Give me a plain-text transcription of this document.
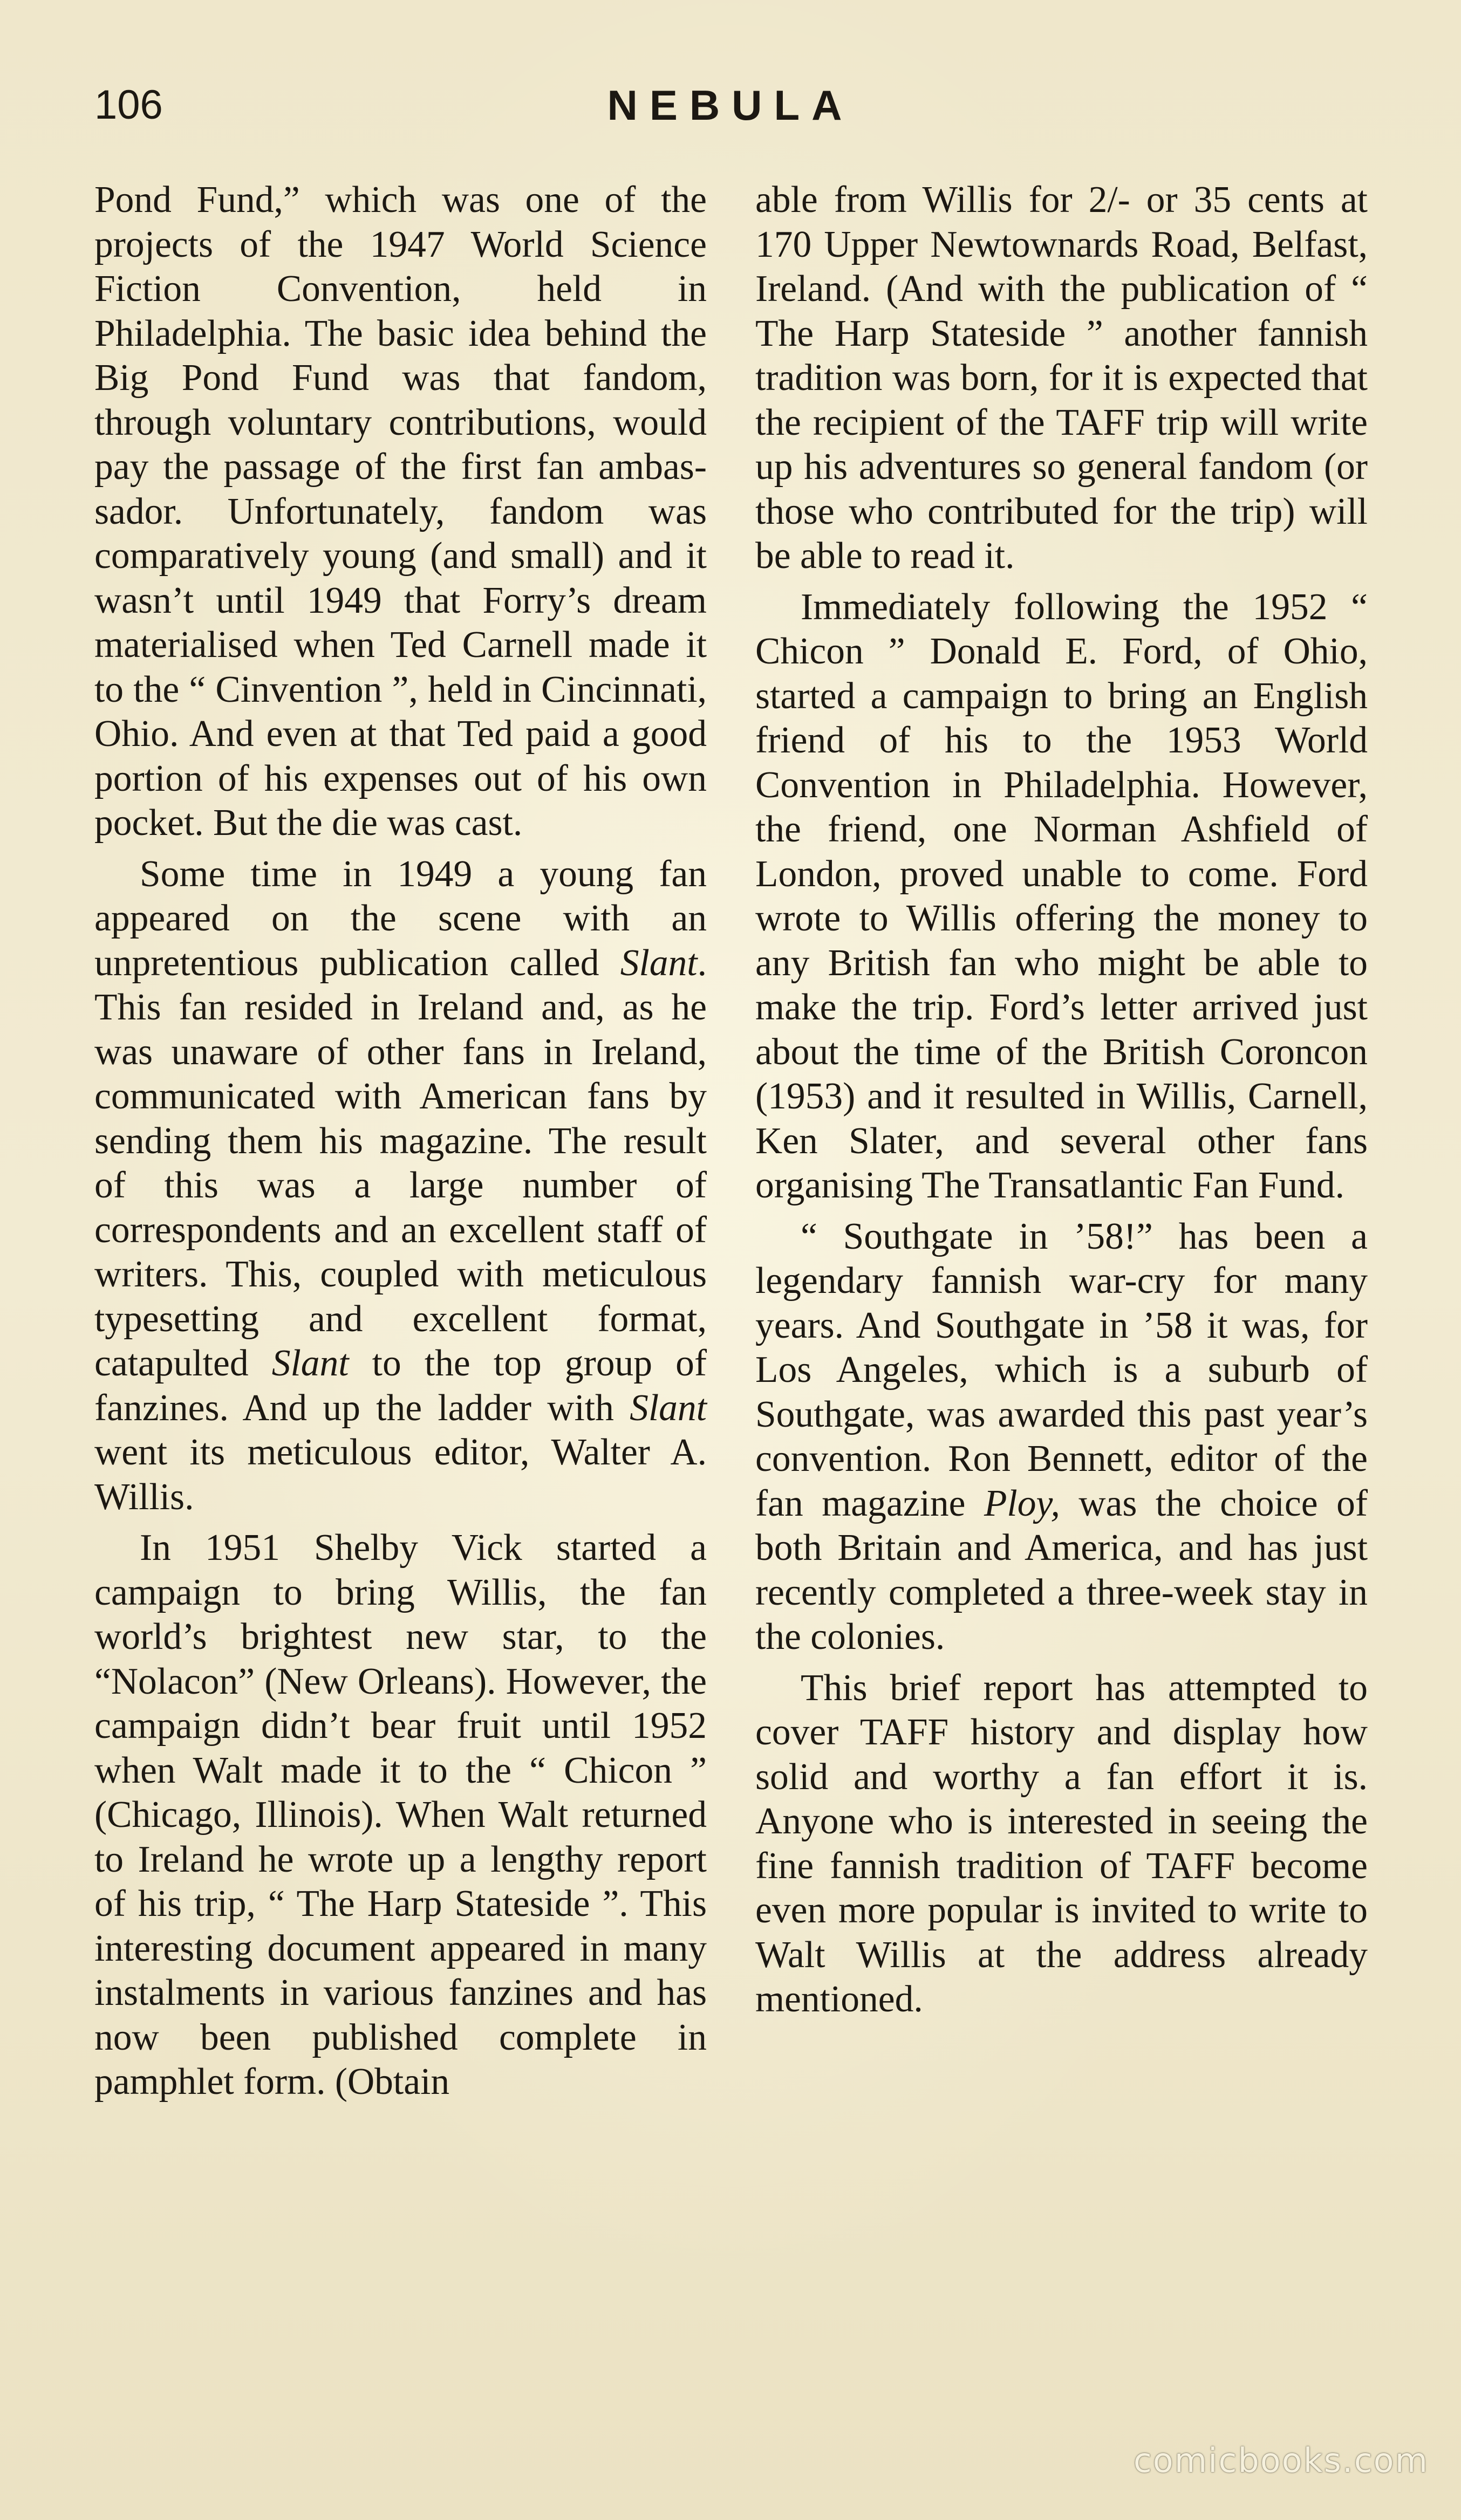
106	NEBULA

Pond Fund,” which was one of the projects of the 1947 World Science Fiction Convention, held in Philadelphia. The basic idea behind the Big Pond Fund was that fandom, through voluntary contributions, would pay the passage of the first fan ambassador. Unfortunately, fandom was comparatively young (and small) and it wasn’t until 1949 that Forry’s dream materialised when Ted Carnell made it to the “ Cinvention ”, held in Cincinnati, Ohio. And even at that Ted paid a good portion of his expenses out of his own pocket. But the die was cast.

Some time in 1949 a young fan appeared on the scene with an unpretentious publication called Slant. This fan resided in Ireland and, as he was unaware of other fans in Ireland, communicated with American fans by sending them his magazine. The result of this was a large number of correspondents and an excellent staff of writers. This, coupled with meticulous typesetting and excellent format, catapulted Slant to the top group of fanzines. And up the ladder with Slant went its meticulous editor, Walter A. Willis.

In 1951 Shelby Vick started a campaign to bring Willis, the fan world’s brightest new star, to the “Nolacon” (New Orleans). However, the campaign didn’t bear fruit until 1952 when Walt made it to the “ Chicon ” (Chicago, Illinois). When Walt returned to Ireland he wrote up a lengthy report of his trip, “ The Harp Stateside ”. This interesting document appeared in many instalments in various fanzines and has now been published complete in pamphlet form. (Obtain

able from Willis for 2/- or 35 cents at 170 Upper Newtownards Road, Belfast, Ireland. (And with the publication of “ The Harp Stateside ” another fannish tradition was born, for it is expected that the recipient of the TAFF trip will write up his adventures so general fandom (or those who contributed for the trip) will be able to read it.

Immediately following the 1952 “ Chicon ” Donald E. Ford, of Ohio, started a campaign to bring an English friend of his to the 1953 World Convention in Philadelphia. However, the friend, one Norman Ashfield of London, proved unable to come. Ford wrote to Willis offering the money to any British fan who might be able to make the trip. Ford’s letter arrived just about the time of the British Coroncon (1953) and it resulted in Willis, Carnell, Ken Slater, and several other fans organising The Transatlantic Fan Fund.

“ Southgate in ’58!” has been a legendary fannish war-cry for many years. And Southgate in ’58 it was, for Los Angeles, which is a suburb of Southgate, was awarded this past year’s convention. Ron Bennett, editor of the fan magazine Ploy, was the choice of both Britain and America, and has just recently completed a three-week stay in the colonies.

This brief report has attempted to cover TAFF history and display how solid and worthy a fan effort it is. Anyone who is interested in seeing the fine fannish tradition of TAFF become even more popular is invited to write to Walt Willis at the address already mentioned.

comicbooks.com
